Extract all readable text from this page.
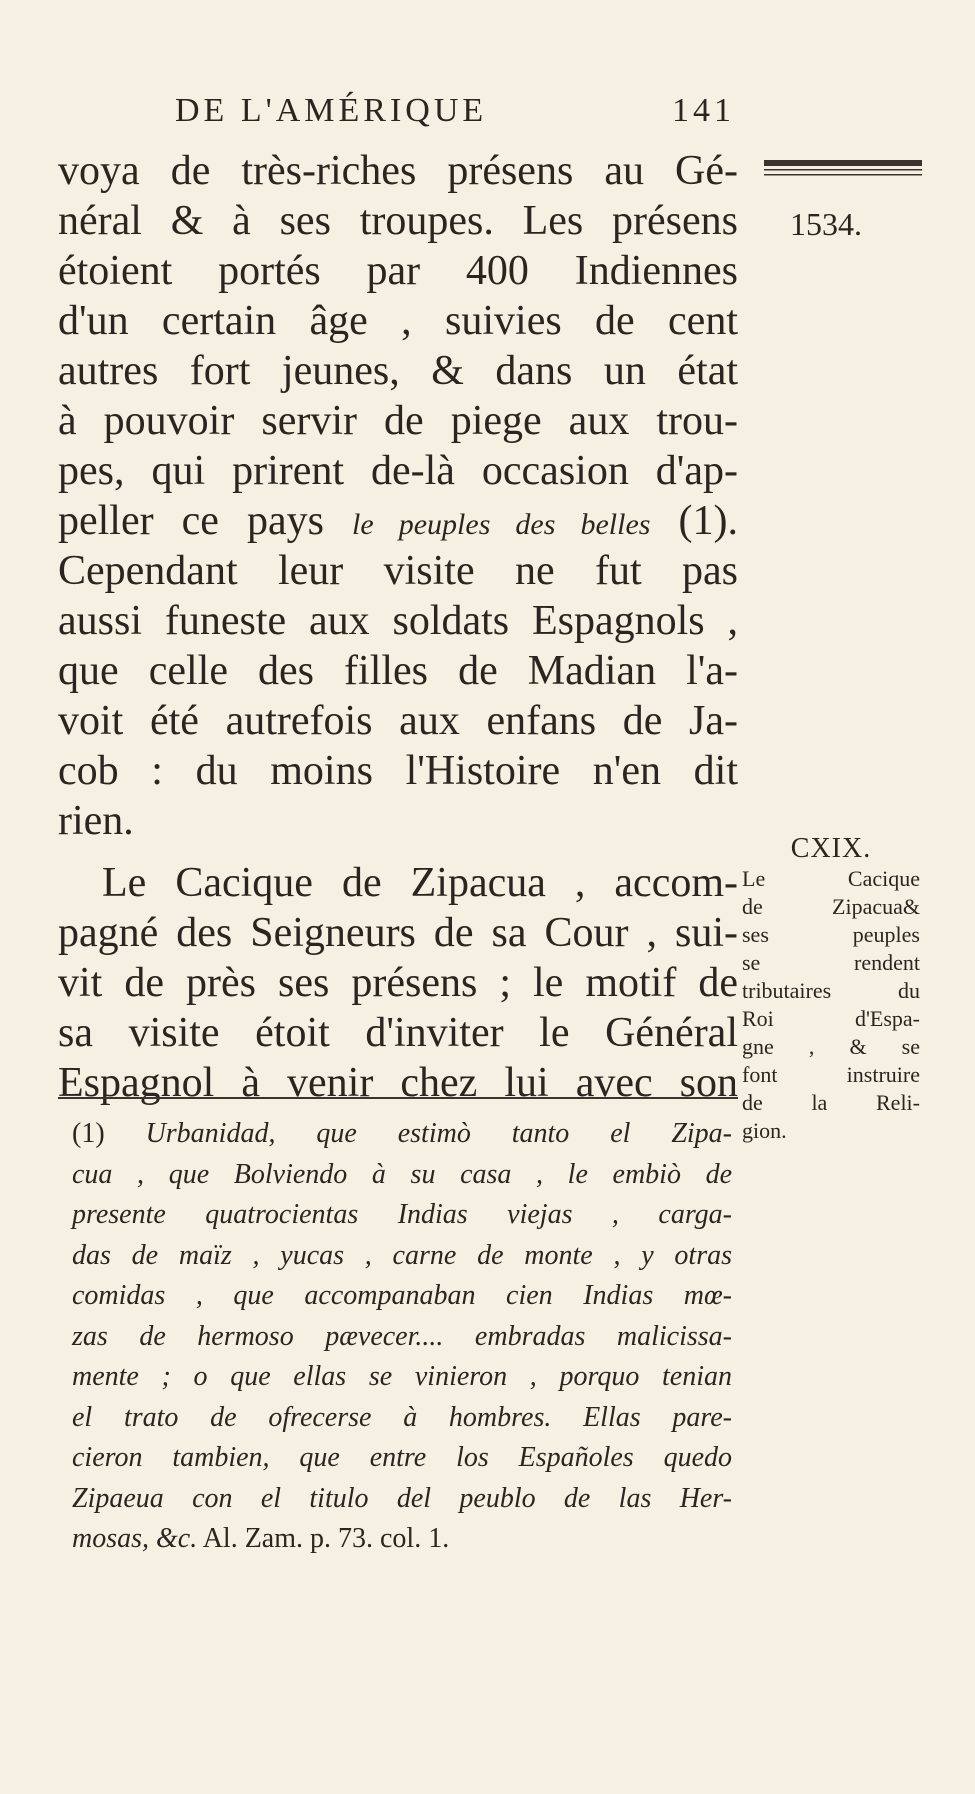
DE L'AMÉRIQUE	141
1534.
voya de très-riches présens au Gé-
néral & à ses troupes. Les présens
étoient portés par 400 Indiennes
d'un certain âge , suivies de cent
autres fort jeunes, & dans un état
à pouvoir servir de piege aux trou-
pes, qui prirent de-là occasion d'ap-
peller ce pays le peuples des belles (1).
Cependant leur visite ne fut pas
aussi funeste aux soldats Espagnols ,
que celle des filles de Madian l'a-
voit été autrefois aux enfans de Ja-
cob : du moins l'Histoire n'en dit
rien.
Le Cacique de Zipacua , accom-
pagné des Seigneurs de sa Cour , sui-
vit de près ses présens ; le motif de
sa visite étoit d'inviter le Général
Espagnol à venir chez lui avec son
CXIX.
Le Cacique
de Zipacua&
ses peuples
se rendent
tributaires du
Roi d'Espa-
gne , & se
font instruire
de la Reli-
gion.
(1) Urbanidad, que estimò tanto el Zipa-
cua , que Bolviendo à su casa , le embiò de
presente quatrocientas Indias viejas , carga-
das de maïz , yucas , carne de monte , y otras
comidas , que accompanaban cien Indias mœ-
zas de hermoso pævecer.... embradas malicissa-
mente ; o que ellas se vinieron , porquo tenian
el trato de ofrecerse à hombres. Ellas pare-
cieron tambien, que entre los Españoles quedo
Zipaeua con el titulo del peublo de las Her-
mosas, &c. Al. Zam. p. 73. col. 1.
